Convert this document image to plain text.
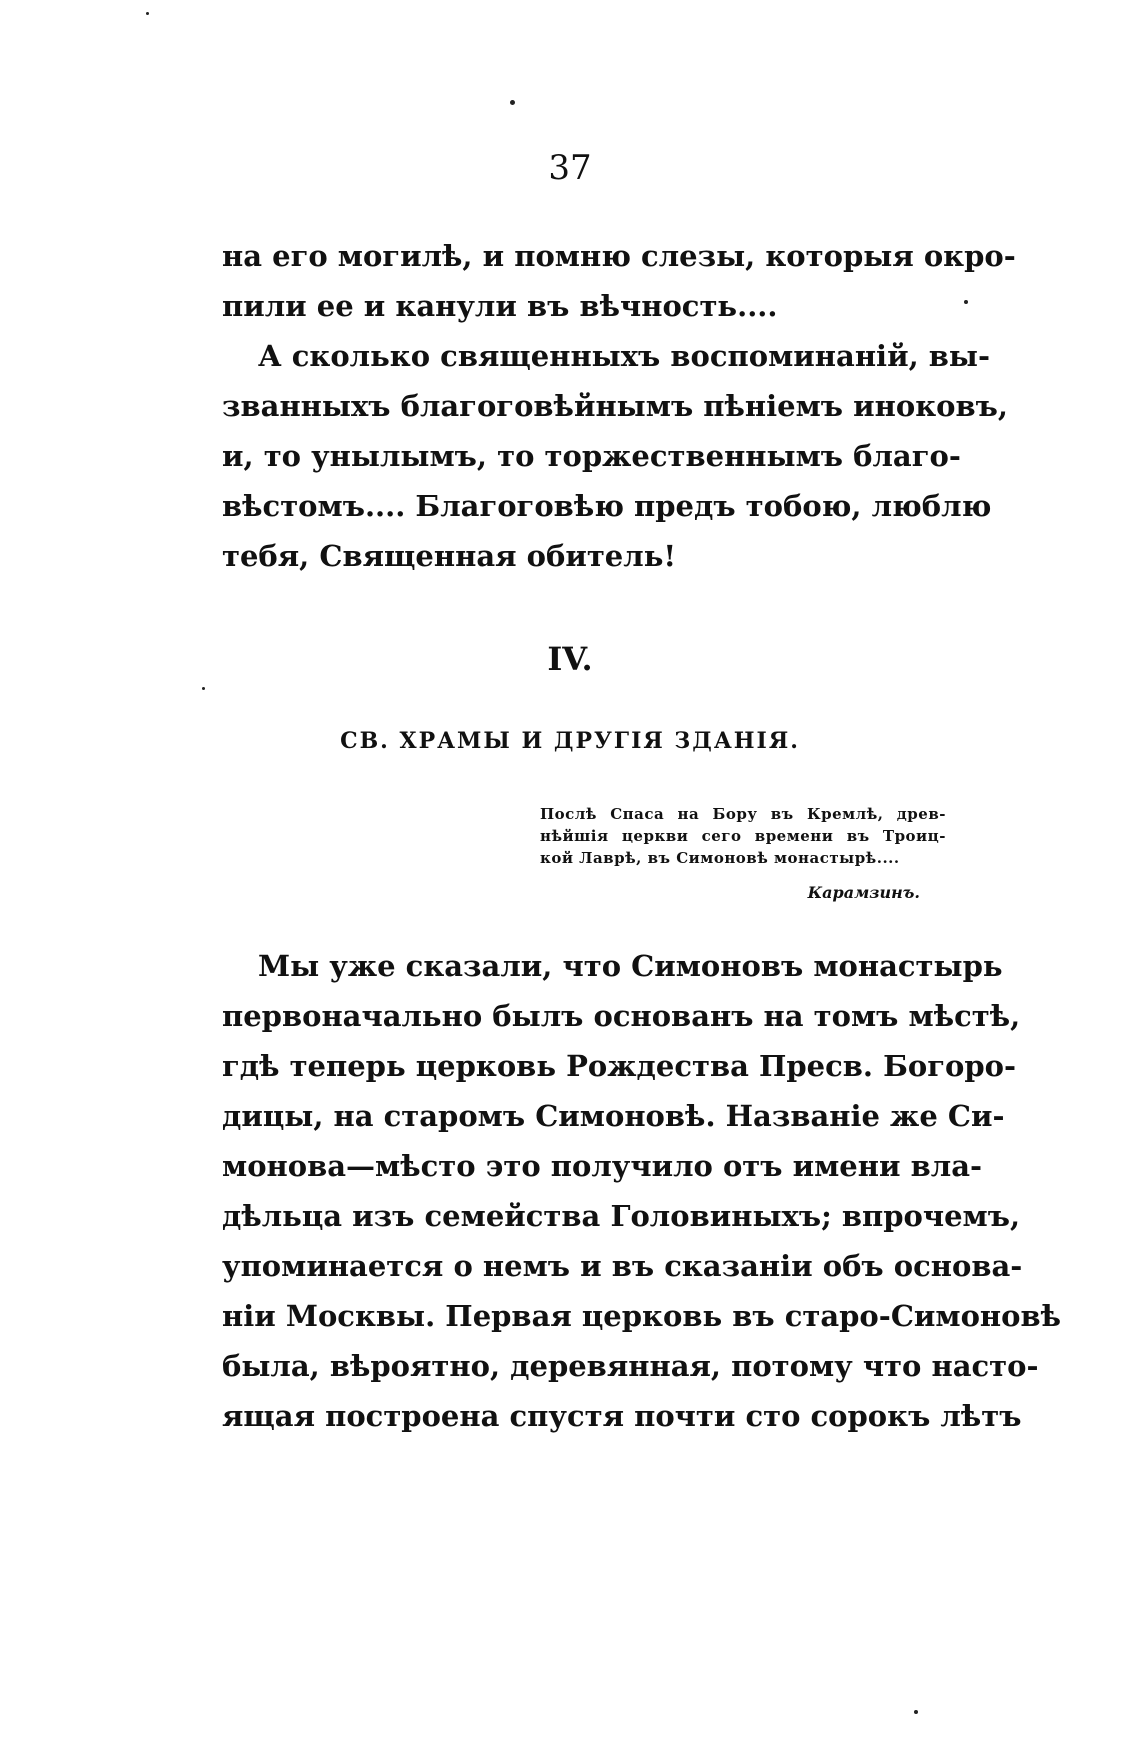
37
на его могилѣ, и помню слезы, которыя окро-
пили ее и канули въ вѣчность....
А сколько священныхъ воспоминаній, вы-
званныхъ благоговѣйнымъ пѣніемъ иноковъ,
и, то унылымъ, то торжественнымъ благо-
вѣстомъ.... Благоговѣю предъ тобою, люблю
тебя, Священная обитель!
IV.
СВ. ХРАМЫ И ДРУГІЯ ЗДАНІЯ.
Послѣ Спаса на Бору въ Кремлѣ, древ-
нѣйшія церкви сего времени въ Троиц-
кой Лаврѣ, въ Симоновѣ монастырѣ....
Карамзинъ.
Мы уже сказали, что Симоновъ монастырь
первоначально былъ основанъ на томъ мѣстѣ,
гдѣ теперь церковь Рождества Пресв. Богоро-
дицы, на старомъ Симоновѣ. Названіе же Си-
монова—мѣсто это получило отъ имени вла-
дѣльца изъ семейства Головиныхъ; впрочемъ,
упоминается о немъ и въ сказаніи объ основа-
ніи Москвы. Первая церковь въ старо-Симоновѣ
была, вѣроятно, деревянная, потому что насто-
ящая построена спустя почти сто сорокъ лѣтъ
